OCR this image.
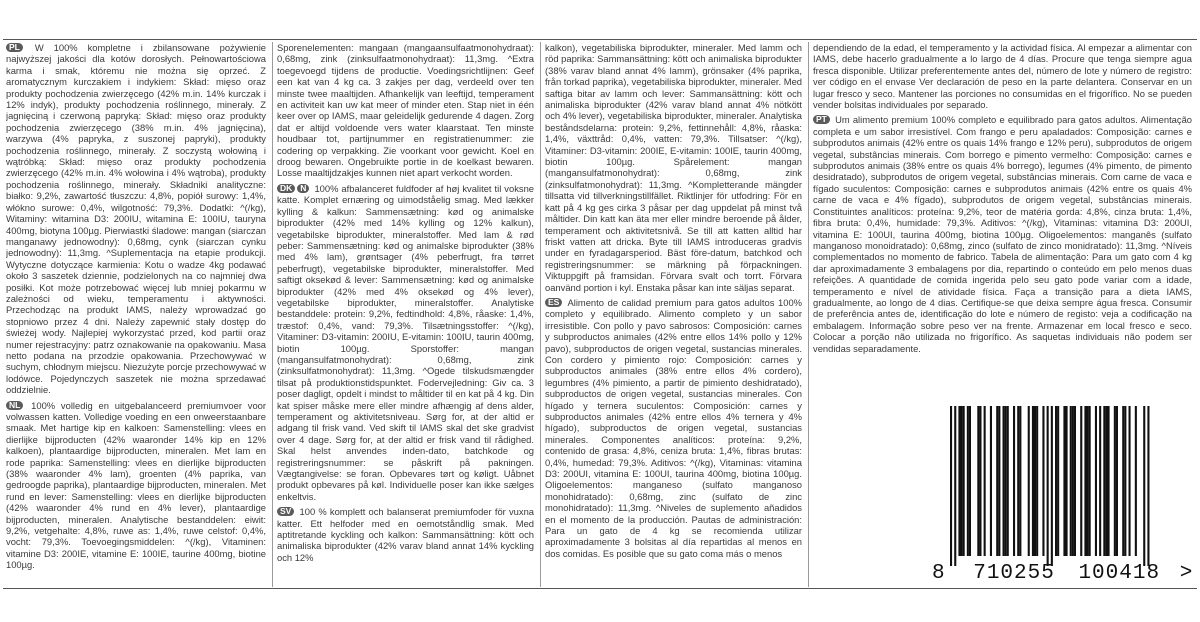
PL W 100% kompletne i zbilansowane pożywienie najwyższej jakości dla kotów dorosłych. Pełnowartościowa karma i smak, któremu nie można się oprzeć. Z aromatycznym kurczakiem i indykiem: Skład: mięso oraz produkty pochodzenia zwierzęcego (42% m.in. 14% kurczak i 12% indyk), produkty pochodzenia roślinnego, minerały. Z jagnięciną i czerwoną papryką: Skład: mięso oraz produkty pochodzenia zwierzęcego (38% m.in. 4% jagnięcina), warzywa (4% papryka, z suszonej papryki), produkty pochodzenia roślinnego, minerały. Z soczystą wołowiną i wątróbką: Skład: mięso oraz produkty pochodzenia zwierzęcego (42% m.in. 4% wołowina i 4% wątroba), produkty pochodzenia roślinnego, minerały. Składniki analityczne: białko: 9,2%, zawartość tłuszczu: 4,8%, popiół surowy: 1,4%, włókno surowe: 0,4%, wilgotność: 79,3%. Dodatki: ^(/kg), Witaminy: witamina D3: 200IU, witamina E: 100IU, tauryna 400mg, biotyna 100µg. Pierwiastki śladowe: mangan (siarczan manganawy jednowodny): 0,68mg, cynk (siarczan cynku jednowodny): 11,3mg. ^Suplementacja na etapie produkcji. Wytyczne dotyczące karmienia: Kotu o wadze 4kg podawać około 3 saszetek dziennie, podzielonych na co najmniej dwa posiłki. Kot może potrzebować więcej lub mniej pokarmu w zależności od wieku, temperamentu i aktywności. Przechodząc na produkt IAMS, należy wprowadzać go stopniowo przez 4 dni. Należy zapewnić stały dostęp do świeżej wody. Najlepiej wykorzystać przed, kod partii oraz numer rejestracyjny: patrz oznakowanie na opakowaniu. Masa netto podana na przodzie opakowania. Przechowywać w suchym, chłodnym miejscu. Niezużyte porcje przechowywać w lodówce. Pojedynczych saszetek nie można sprzedawać oddzielnie.

NL 100% volledig en uitgebalanceerd premiumvoer voor volwassen katten. Volledige voeding en een onweerstaanbare smaak. Met hartige kip en kalkoen: Samenstelling: vlees en dierlijke bijproducten (42% waaronder 14% kip en 12% kalkoen), plantaardige bijproducten, mineralen. Met lam en rode paprika: Samenstelling: vlees en dierlijke bijproducten (38% waaronder 4% lam), groenten (4% paprika, van gedroogde paprika), plantaardige bijproducten, mineralen. Met rund en lever: Samenstelling: vlees en dierlijke bijproducten (42% waaronder 4% rund en 4% lever), plantaardige bijproducten, mineralen. Analytische bestanddelen: eiwit: 9,2%, vetgehalte: 4,8%, ruwe as: 1,4%, ruwe celstof: 0,4%, vocht: 79,3%. Toevoegingsmiddelen: ^(/kg), Vitaminen: vitamine D3: 200IE, vitamine E: 100IE, taurine 400mg, biotine 100µg.

Sporenelementen: mangaan (mangaansulfaatmonohydraat): 0,68mg, zink (zinksulfaatmonohydraat): 11,3mg. ^Extra toegevoegd tijdens de productie. Voedingsrichtlijnen: Geef een kat van 4 kg ca. 3 zakjes per dag, verdeeld over ten minste twee maaltijden. Afhankelijk van leeftijd, temperament en activiteit kan uw kat meer of minder eten. Stap niet in één keer over op IAMS, maar geleidelijk gedurende 4 dagen. Zorg dat er altijd voldoende vers water klaarstaat. Ten minste houdbaar tot, partijnummer en registratienummer: zie codering op verpakking. Zie voorkant voor gewicht. Koel en droog bewaren. Ongebruikte portie in de koelkast bewaren. Losse maaltijdzakjes kunnen niet apart verkocht worden.

DK N 100% afbalanceret fuldfoder af høj kvalitet til voksne katte. Komplet ernæring og uimodståelig smag. Med lækker kylling & kalkun: Sammensætning: kød og animalske biprodukter (42% med 14% kylling og 12% kalkun), vegetabilske biprodukter, mineralstoffer. Med lam & rød peber: Sammensætning: kød og animalske biprodukter (38% med 4% lam), grøntsager (4% peberfrugt, fra tørret peberfrugt), vegetabilske biprodukter, mineralstoffer. Med saftigt oksekød & lever: Sammensætning: kød og animalske biprodukter (42% med 4% oksekød og 4% lever), vegetabilske biprodukter, mineralstoffer. Analytiske bestanddele: protein: 9,2%, fedtindhold: 4,8%, råaske: 1,4%, træstof: 0,4%, vand: 79,3%. Tilsætningsstoffer: ^(/kg), Vitaminer: D3-vitamin: 200IU, E-vitamin: 100IU, taurin 400mg, biotin 100µg. Sporstoffer: mangan (mangansulfatmonohydrat): 0,68mg, zink (zinksulfatmonohydrat): 11,3mg. ^Ogede tilskudsmængder tilsat på produktionstidspunktet. Fodervejledning: Giv ca. 3 poser dagligt, opdelt i mindst to måltider til en kat på 4 kg. Din kat spiser måske mere eller mindre afhængig af dens alder, temperament og aktivitetsniveau. Sørg for, at der altid er adgang til frisk vand. Ved skift til IAMS skal det ske gradvist over 4 dage. Sørg for, at der altid er frisk vand til rådighed. Skal helst anvendes inden-dato, batchkode og registreringsnummer: se påskrift på pakningen. Vægtangivelse: se foran. Opbevares tørt og køligt. Uåbnet produkt opbevares på køl. Individuelle poser kan ikke sælges enkeltvis.

SV 100 % komplett och balanserat premiumfoder för vuxna katter. Ett helfoder med en oemotståndlig smak. Med aptitretande kyckling och kalkon: Sammansättning: kött och animaliska biprodukter (42% varav bland annat 14% kyckling och 12%

kalkon), vegetabiliska biprodukter, mineraler. Med lamm och röd paprika: Sammansättning: kött och animaliska biprodukter (38% varav bland annat 4% lamm), grönsaker (4% paprika, från torkad paprika), vegetabiliska biprodukter, mineraler. Med saftiga bitar av lamm och lever: Sammansättning: kött och animaliska biprodukter (42% varav bland annat 4% nötkött och 4% lever), vegetabiliska biprodukter, mineraler. Analytiska beståndsdelarna: protein: 9,2%, fettinnehåll: 4,8%, råaska: 1,4%, växttråd: 0,4%, vatten: 79,3%. Tillsatser: ^(/kg), Vitaminer: D3-vitamin: 200IE, E-vitamin: 100IE, taurin 400mg, biotin 100µg. Spårelement: mangan (mangansulfatmonohydrat): 0,68mg, zink (zinksulfatmonohydrat): 11,3mg. ^Kompletterande mängder tillsatta vid tillverkningstillfället. Riktlinjer för utfodring: För en katt på 4 kg ges cirka 3 påsar per dag uppdelat på minst två måltider. Din katt kan äta mer eller mindre beroende på ålder, temperament och aktivitetsnivå. Se till att katten alltid har friskt vatten att dricka. Byte till IAMS introduceras gradvis under en fyradagarsperiod. Bäst före-datum, batchkod och registreringsnummer: se märkning på förpackningen. Viktuppgift på framsidan. Förvara svalt och torrt. Förvara oanvänd portion i kyl. Enstaka påsar kan inte säljas separat.

ES Alimento de calidad premium para gatos adultos 100% completo y equilibrado. Alimento completo y un sabor irresistible. Con pollo y pavo sabrosos: Composición: carnes y subproductos animales (42% entre ellos 14% pollo y 12% pavo), subproductos de origen vegetal, sustancias minerales. Con cordero y pimiento rojo: Composición: carnes y subproductos animales (38% entre ellos 4% cordero), legumbres (4% pimiento, a partir de pimiento deshidratado), subproductos de origen vegetal, sustancias minerales. Con hígado y ternera suculentos: Composición: carnes y subproductos animales (42% entre ellos 4% ternera y 4% hígado), subproductos de origen vegetal, sustancias minerales. Componentes analíticos: proteína: 9,2%, contenido de grasa: 4,8%, ceniza bruta: 1,4%, fibras brutas: 0,4%, humedad: 79,3%. Aditivos: ^(/kg), Vitaminas: vitamina D3: 200UI, vitamina E: 100UI, taurina 400mg, biotina 100µg. Oligoelementos: manganeso (sulfato manganoso monohidratado): 0,68mg, zinc (sulfato de zinc monohidratado): 11,3mg. ^Niveles de suplemento añadidos en el momento de la producción. Pautas de administración: Para un gato de 4 kg se recomienda utilizar aproximadamente 3 bolsitas al día repartidas al menos en dos comidas. Es posible que su gato coma más o menos

dependiendo de la edad, el temperamento y la actividad física. Al empezar a alimentar con IAMS, debe hacerlo gradualmente a lo largo de 4 días. Procure que tenga siempre agua fresca disponible. Utilizar preferentemente antes del, número de lote y número de registro: ver código en el envase Ver declaración de peso en la parte delantera. Conservar en un lugar fresco y seco. Mantener las porciones no consumidas en el frigorífico. No se pueden vender bolsitas individuales por separado.

PT Um alimento premium 100% completo e equilibrado para gatos adultos. Alimentação completa e um sabor irresistível. Com frango e peru apaladados: Composição: carnes e subprodutos animais (42% entre os quais 14% frango e 12% peru), subprodutos de origem vegetal, substâncias minerais. Com borrego e pimento vermelho: Composição: carnes e subprodutos animais (38% entre os quais 4% borrego), legumes (4% pimento, de pimento desidratado), subprodutos de origem vegetal, substâncias minerais. Com carne de vaca e fígado suculentos: Composição: carnes e subprodutos animais (42% entre os quais 4% carne de vaca e 4% fígado), subprodutos de origem vegetal, substâncias minerais. Constituintes analíticos: proteína: 9,2%, teor de matéria gorda: 4,8%, cinza bruta: 1,4%, fibra bruta: 0,4%, humidade: 79,3%. Aditivos: ^(/kg), Vitaminas: vitamina D3: 200UI, vitamina E: 100UI, taurina 400mg, biotina 100µg. Oligoelementos: manganês (sulfato manganoso monoidratado): 0,68mg, zinco (sulfato de zinco monidratado): 11,3mg. ^Níveis complementados no momento de fabrico. Tabela de alimentação: Para um gato com 4 kg dar aproximadamente 3 embalagens por dia, repartindo o conteúdo em pelo menos duas refeições. A quantidade de comida ingerida pelo seu gato pode variar com a idade, temperamento e nível de atividade física. Faça a transição para a dieta IAMS, gradualmente, ao longo de 4 dias. Certifique-se que deixa sempre água fresca. Consumir de preferência antes de, identificação do lote e número de registo: veja a codificação na embalagem. Informação sobre peso ver na frente. Armazenar em local fresco e seco. Colocar a porção não utilizada no frigorífico. As saquetas individuais não podem ser vendidas separadamente.

8 710255 100418 >
